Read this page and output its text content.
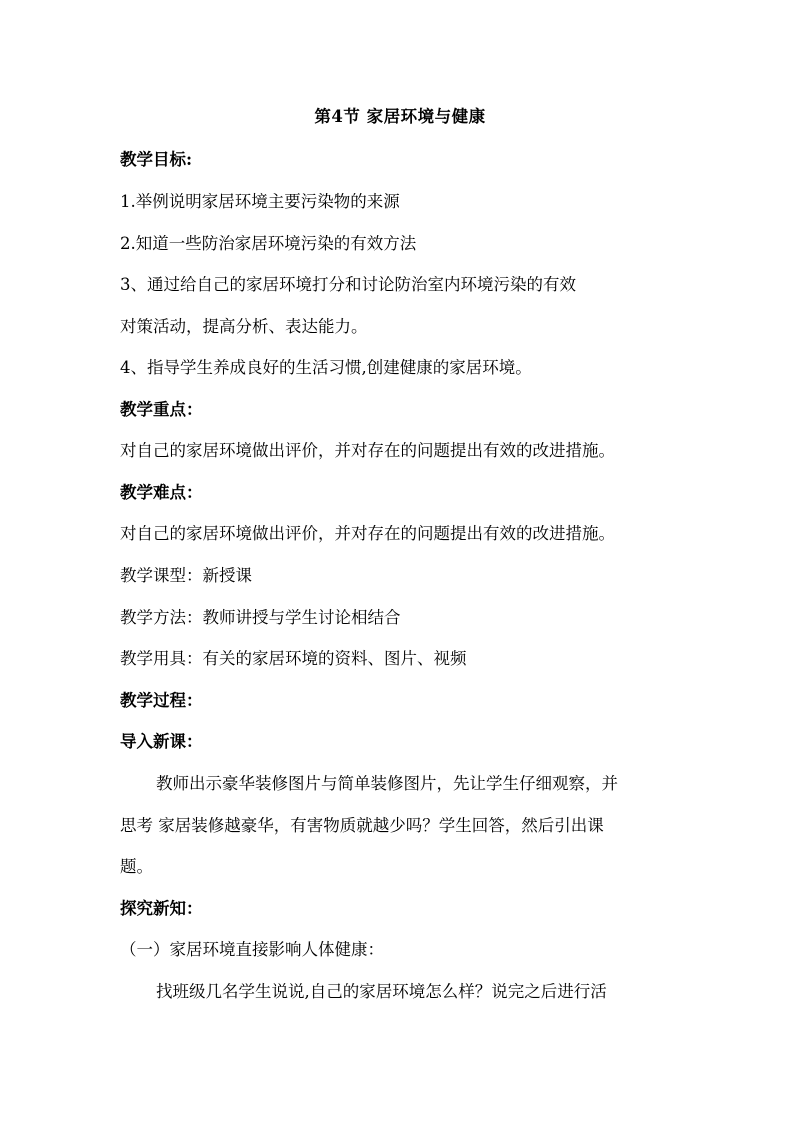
第4节 家居环境与健康
教学目标:
1.举例说明家居环境主要污染物的来源
2.知道一些防治家居环境污染的有效方法
3、通过给自己的家居环境打分和讨论防治室内环境污染的有效
对策活动，提高分析、表达能力。
4、指导学生养成良好的生活习惯,创建健康的家居环境。
教学重点：
对自己的家居环境做出评价，并对存在的问题提出有效的改进措施。
教学难点：
对自己的家居环境做出评价，并对存在的问题提出有效的改进措施。
教学课型：新授课
教学方法：教师讲授与学生讨论相结合
教学用具：有关的家居环境的资料、图片、视频
教学过程：
导入新课：
教师出示豪华装修图片与简单装修图片，先让学生仔细观察，并
思考 家居装修越豪华，有害物质就越少吗？学生回答，然后引出课
题。
探究新知：
（一）家居环境直接影响人体健康：
找班级几名学生说说,自己的家居环境怎么样？说完之后进行活
